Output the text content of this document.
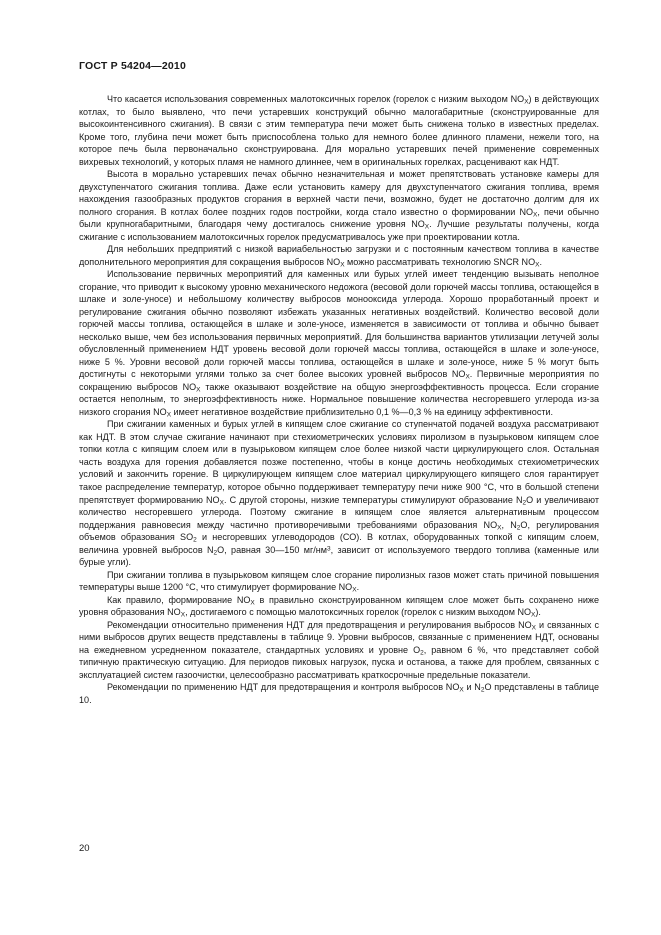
ГОСТ Р 54204—2010

Что касается использования современных малотоксичных горелок (горелок с низким выходом $NO_X$) в действующих котлах, то было выявлено, что печи устаревших конструкций обычно малогабаритные (сконструированные для высокоинтенсивного сжигания). В связи с этим температура печи может быть снижена только в известных пределах. Кроме того, глубина печи может быть приспособлена только для немного более длинного пламени, нежели того, на которое печь была первоначально сконструирована. Для морально устаревших печей применение современных вихревых технологий, у которых пламя не намного длиннее, чем в оригинальных горелках, расценивают как НДТ.

Высота в морально устаревших печах обычно незначительная и может препятствовать установке камеры для двухступенчатого сжигания топлива. Даже если установить камеру для двухступенчатого сжигания топлива, время нахождения газообразных продуктов сгорания в верхней части печи, возможно, будет не достаточно долгим для их полного сгорания. В котлах более поздних годов постройки, когда стало известно о формировании $NO_X$, печи обычно были крупногабаритными, благодаря чему достигалось снижение уровня $NO_X$. Лучшие результаты получены, когда сжигание с использованием малотоксичных горелок предусматривалось уже при проектировании котла.

Для небольших предприятий с низкой вариабельностью загрузки и с постоянным качеством топлива в качестве дополнительного мероприятия для сокращения выбросов $NO_X$ можно рассматривать технологию SNCR $NO_X$.

Использование первичных мероприятий для каменных или бурых углей имеет тенденцию вызывать неполное сгорание, что приводит к высокому уровню механического недожога (весовой доли горючей массы топлива, остающейся в шлаке и золе-уносе) и небольшому количеству выбросов монооксида углерода. Хорошо проработанный проект и регулирование сжигания обычно позволяют избежать указанных негативных воздействий. Количество весовой доли горючей массы топлива, остающейся в шлаке и золе-уносе, изменяется в зависимости от топлива и обычно бывает несколько выше, чем без использования первичных мероприятий. Для большинства вариантов утилизации летучей золы обусловленный применением НДТ уровень весовой доли горючей массы топлива, остающейся в шлаке и золе-уносе, ниже 5 %. Уровни весовой доли горючей массы топлива, остающейся в шлаке и золе-уносе, ниже 5 % могут быть достигнуты с некоторыми углями только за счет более высоких уровней выбросов $NO_X$. Первичные мероприятия по сокращению выбросов $NO_X$ также оказывают воздействие на общую энергоэффективность процесса. Если сгорание остается неполным, то энергоэффективность ниже. Нормальное повышение количества несгоревшего углерода из-за низкого сгорания $NO_X$ имеет негативное воздействие приблизительно 0,1 %—0,3 % на единицу эффективности.

При сжигании каменных и бурых углей в кипящем слое сжигание со ступенчатой подачей воздуха рассматривают как НДТ. В этом случае сжигание начинают при стехиометрических условиях пиролизом в пузырьковом кипящем слое топки котла с кипящим слоем или в пузырьковом кипящем слое более низкой части циркулирующего слоя. Остальная часть воздуха для горения добавляется позже постепенно, чтобы в конце достичь необходимых стехиометрических условий и закончить горение. В циркулирующем кипящем слое материал циркулирующего кипящего слоя гарантирует такое распределение температур, которое обычно поддерживает температуру печи ниже 900 °С, что в большой степени препятствует формированию $NO_X$. С другой стороны, низкие температуры стимулируют образование $N_2O$ и увеличивают количество несгоревшего углерода. Поэтому сжигание в кипящем слое является альтернативным процессом поддержания равновесия между частично противоречивыми требованиями образования $NO_X$, $N_2O$, регулирования объемов образования $SO_2$ и несгоревших углеводородов (СО). В котлах, оборудованных топкой с кипящим слоем, величина уровней выбросов $N_2O$, равная 30—150 $мг/нм^3$, зависит от используемого твердого топлива (каменные или бурые угли).

При сжигании топлива в пузырьковом кипящем слое сгорание пиролизных газов может стать причиной повышения температуры выше 1200 °С, что стимулирует формирование $NO_X$.

Как правило, формирование $NO_X$ в правильно сконструированном кипящем слое может быть сохранено ниже уровня образования $NO_X$, достигаемого с помощью малотоксичных горелок (горелок с низким выходом $NO_X$).

Рекомендации относительно применения НДТ для предотвращения и регулирования выбросов $NO_X$ и связанных с ними выбросов других веществ представлены в таблице 9. Уровни выбросов, связанные с применением НДТ, основаны на ежедневном усредненном показателе, стандартных условиях и уровне $O_2$, равном 6 %, что представляет собой типичную практическую ситуацию. Для периодов пиковых нагрузок, пуска и останова, а также для проблем, связанных с эксплуатацией систем газоочистки, целесообразно рассматривать краткосрочные предельные показатели.

Рекомендации по применению НДТ для предотвращения и контроля выбросов $NO_X$ и $N_2O$ представлены в таблице 10.

20
